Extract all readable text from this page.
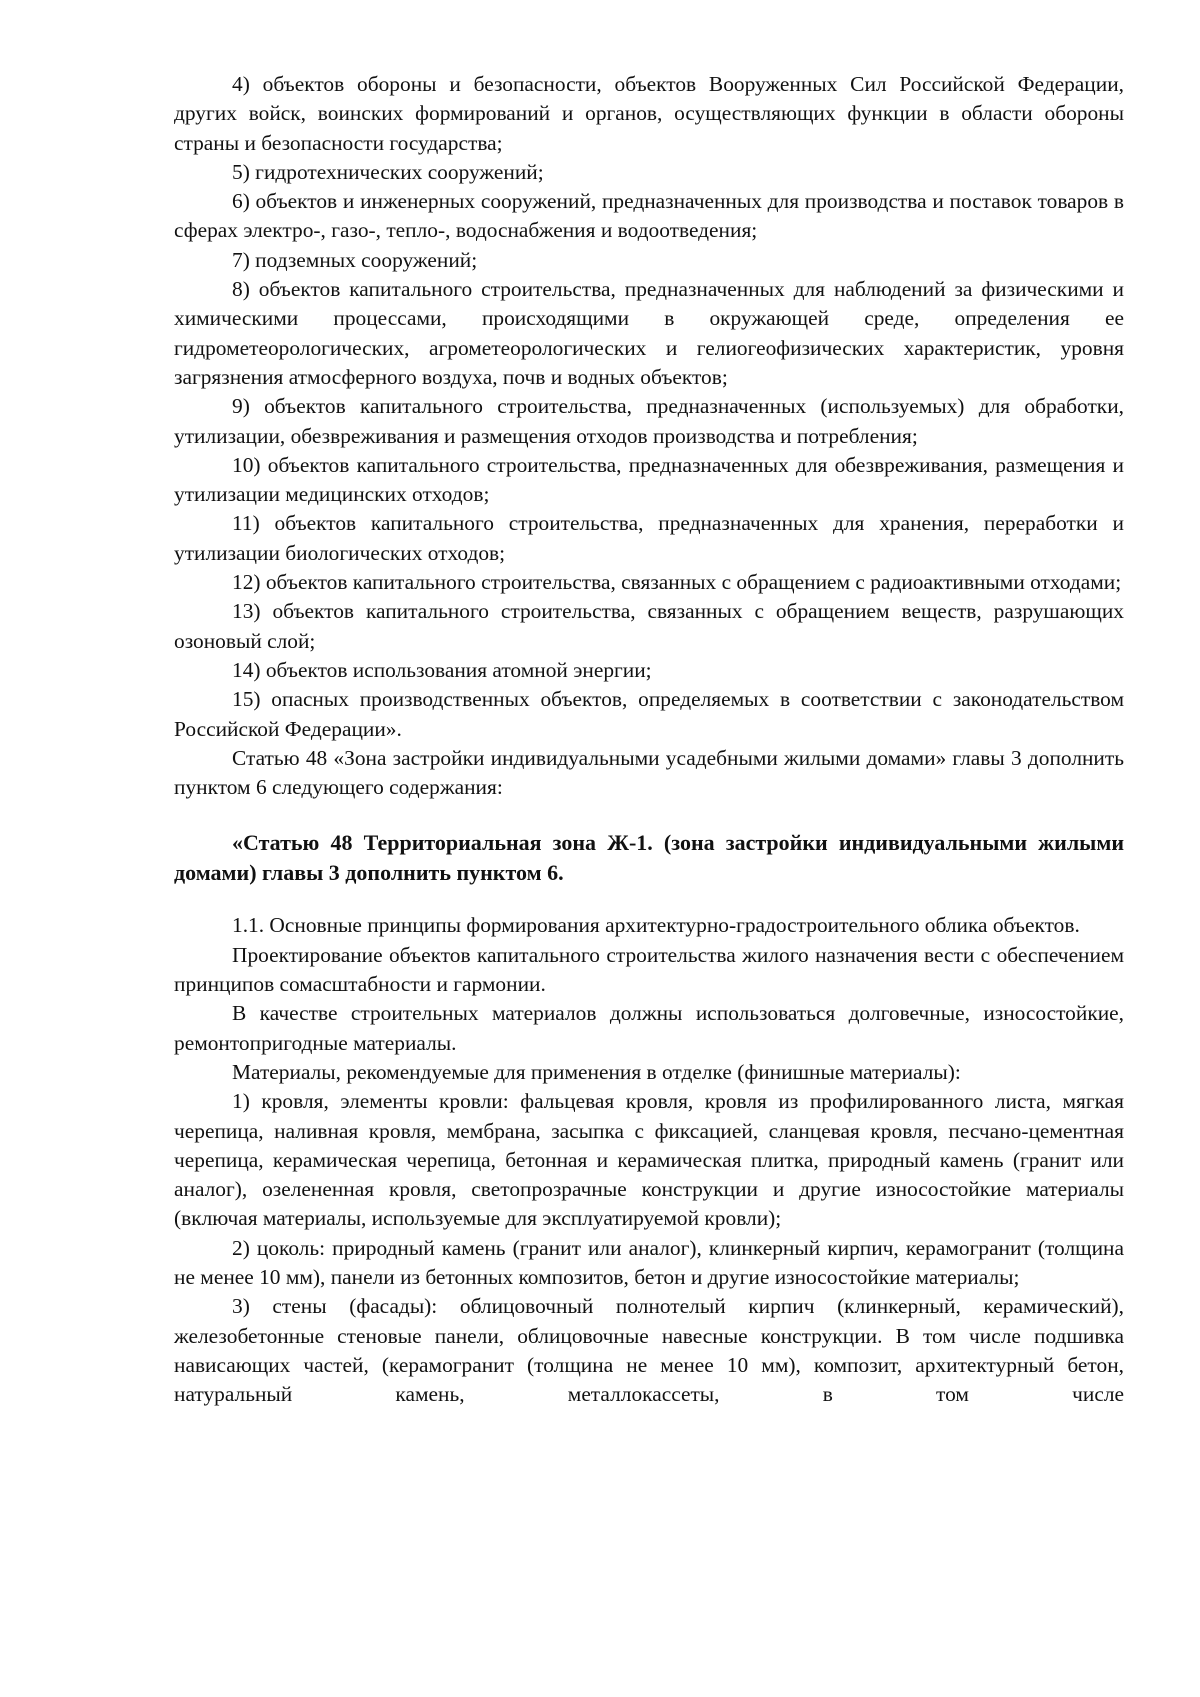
4) объектов обороны и безопасности, объектов Вооруженных Сил Российской Федерации, других войск, воинских формирований и органов, осуществляющих функции в области обороны страны и безопасности государства;

5) гидротехнических сооружений;

6) объектов и инженерных сооружений, предназначенных для производства и поставок товаров в сферах электро-, газо-, тепло-, водоснабжения и водоотведения;

7) подземных сооружений;

8) объектов капитального строительства, предназначенных для наблюдений за физическими и химическими процессами, происходящими в окружающей среде, определения ее гидрометеорологических, агрометеорологических и гелиогеофизических характеристик, уровня загрязнения атмосферного воздуха, почв и водных объектов;

9) объектов капитального строительства, предназначенных (используемых) для обработки, утилизации, обезвреживания и размещения отходов производства и потребления;

10) объектов капитального строительства, предназначенных для обезвреживания, размещения и утилизации медицинских отходов;

11) объектов капитального строительства, предназначенных для хранения, переработки и утилизации биологических отходов;

12) объектов капитального строительства, связанных с обращением с радиоактивными отходами;

13) объектов капитального строительства, связанных с обращением веществ, разрушающих озоновый слой;

14) объектов использования атомной энергии;

15) опасных производственных объектов, определяемых в соответствии с законодательством Российской Федерации».

Статью 48 «Зона застройки индивидуальными усадебными жилыми домами» главы 3 дополнить пунктом 6 следующего содержания:

«Статью 48 Территориальная зона Ж-1. (зона застройки индивидуальными жилыми домами) главы 3 дополнить пунктом 6.

1.1. Основные принципы формирования архитектурно-градостроительного облика объектов.

Проектирование объектов капитального строительства жилого назначения вести с обеспечением принципов сомасштабности и гармонии.

В качестве строительных материалов должны использоваться долговечные, износостойкие, ремонтопригодные материалы.

Материалы, рекомендуемые для применения в отделке (финишные материалы):

1) кровля, элементы кровли: фальцевая кровля, кровля из профилированного листа, мягкая черепица, наливная кровля, мембрана, засыпка с фиксацией, сланцевая кровля, песчано-цементная черепица, керамическая черепица, бетонная и керамическая плитка, природный камень (гранит или аналог), озелененная кровля, светопрозрачные конструкции и другие износостойкие материалы (включая материалы, используемые для эксплуатируемой кровли);

2) цоколь: природный камень (гранит или аналог), клинкерный кирпич, керамогранит (толщина не менее 10 мм), панели из бетонных композитов, бетон и другие износостойкие материалы;

3) стены (фасады): облицовочный полнотелый кирпич (клинкерный, керамический), железобетонные стеновые панели, облицовочные навесные конструкции. В том числе подшивка нависающих частей, (керамогранит (толщина не менее 10 мм), композит, архитектурный бетон, натуральный камень, металлокассеты, в том числе
